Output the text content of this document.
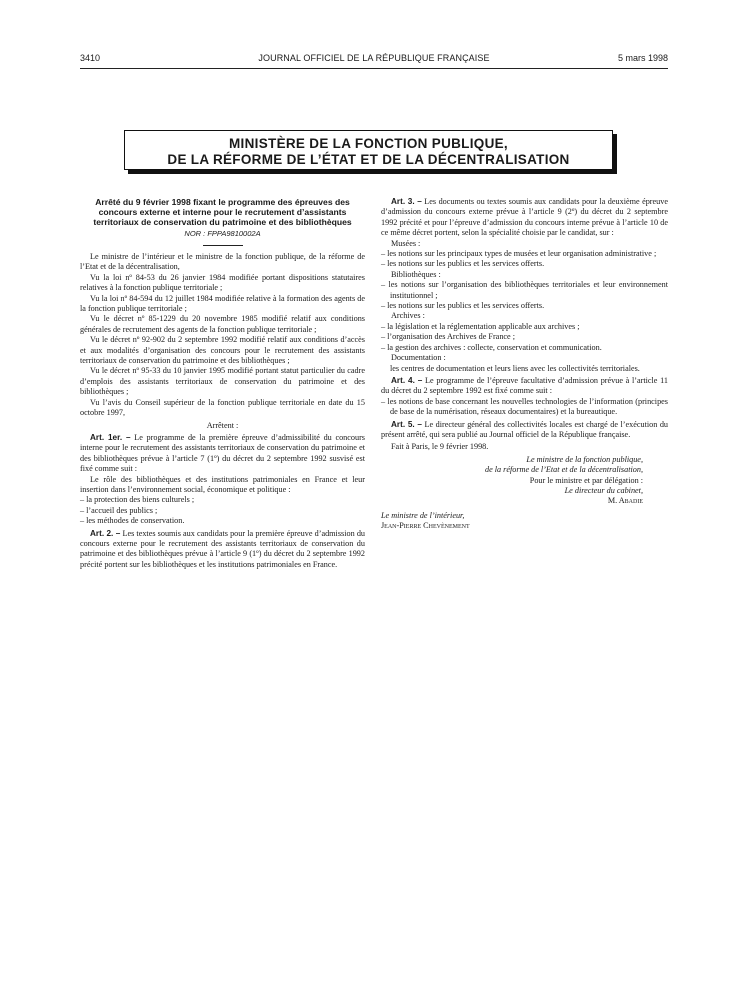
3410	JOURNAL OFFICIEL DE LA RÉPUBLIQUE FRANÇAISE	5 mars 1998
MINISTÈRE DE LA FONCTION PUBLIQUE,
DE LA RÉFORME DE L’ÉTAT ET DE LA DÉCENTRALISATION
Arrêté du 9 février 1998 fixant le programme des épreuves des concours externe et interne pour le recrutement d’assistants territoriaux de conservation du patrimoine et des bibliothèques
NOR : FPPA9810002A

Le ministre de l’intérieur et le ministre de la fonction publique, de la réforme de l’Etat et de la décentralisation,

Vu la loi nº 84-53 du 26 janvier 1984 modifiée portant dispositions statutaires relatives à la fonction publique territoriale ;

Vu la loi nº 84-594 du 12 juillet 1984 modifiée relative à la formation des agents de la fonction publique territoriale ;

Vu le décret nº 85-1229 du 20 novembre 1985 modifié relatif aux conditions générales de recrutement des agents de la fonction publique territoriale ;

Vu le décret nº 92-902 du 2 septembre 1992 modifié relatif aux conditions d’accès et aux modalités d’organisation des concours pour le recrutement des assistants territoriaux de conservation du patrimoine et des bibliothèques ;

Vu le décret nº 95-33 du 10 janvier 1995 modifié portant statut particulier du cadre d’emplois des assistants territoriaux de conservation du patrimoine et des bibliothèques ;

Vu l’avis du Conseil supérieur de la fonction publique territoriale en date du 15 octobre 1997,

Arrêtent :

Art. 1er. – Le programme de la première épreuve d’admissibilité du concours interne pour le recrutement des assistants territoriaux de conservation du patrimoine et des bibliothèques prévue à l’article 7 (1º) du décret du 2 septembre 1992 susvisé est fixé comme suit :

Le rôle des bibliothèques et des institutions patrimoniales en France et leur insertion dans l’environnement social, économique et politique :

– la protection des biens culturels ;

– l’accueil des publics ;

– les méthodes de conservation.

Art. 2. – Les textes soumis aux candidats pour la première épreuve d’admission du concours externe pour le recrutement des assistants territoriaux de conservation du patrimoine et des bibliothèques prévue à l’article 9 (1º) du décret du 2 septembre 1992 précité portent sur les bibliothèques et les institutions patrimoniales en France.

Art. 3. – Les documents ou textes soumis aux candidats pour la deuxième épreuve d’admission du concours externe prévue à l’article 9 (2º) du décret du 2 septembre 1992 précité et pour l’épreuve d’admission du concours interne prévue à l’article 10 de ce même décret portent, selon la spécialité choisie par le candidat, sur :

Musées :

– les notions sur les principaux types de musées et leur organisation administrative ;

– les notions sur les publics et les services offerts.

Bibliothèques :

– les notions sur l’organisation des bibliothèques territoriales et leur environnement institutionnel ;

– les notions sur les publics et les services offerts.

Archives :

– la législation et la réglementation applicable aux archives ;

– l’organisation des Archives de France ;

– la gestion des archives : collecte, conservation et communication.

Documentation :

les centres de documentation et leurs liens avec les collectivités territoriales.

Art. 4. – Le programme de l’épreuve facultative d’admission prévue à l’article 11 du décret du 2 septembre 1992 est fixé comme suit :

– les notions de base concernant les nouvelles technologies de l’information (principes de base de la numérisation, réseaux documentaires) et la bureautique.

Art. 5. – Le directeur général des collectivités locales est chargé de l’exécution du présent arrêté, qui sera publié au Journal officiel de la République française.

Fait à Paris, le 9 février 1998.

Le ministre de la fonction publique,
de la réforme de l’Etat et de la décentralisation,
Pour le ministre et par délégation :
Le directeur du cabinet,
M. Abadie
Le ministre de l’intérieur,
Jean-Pierre Chevènement
